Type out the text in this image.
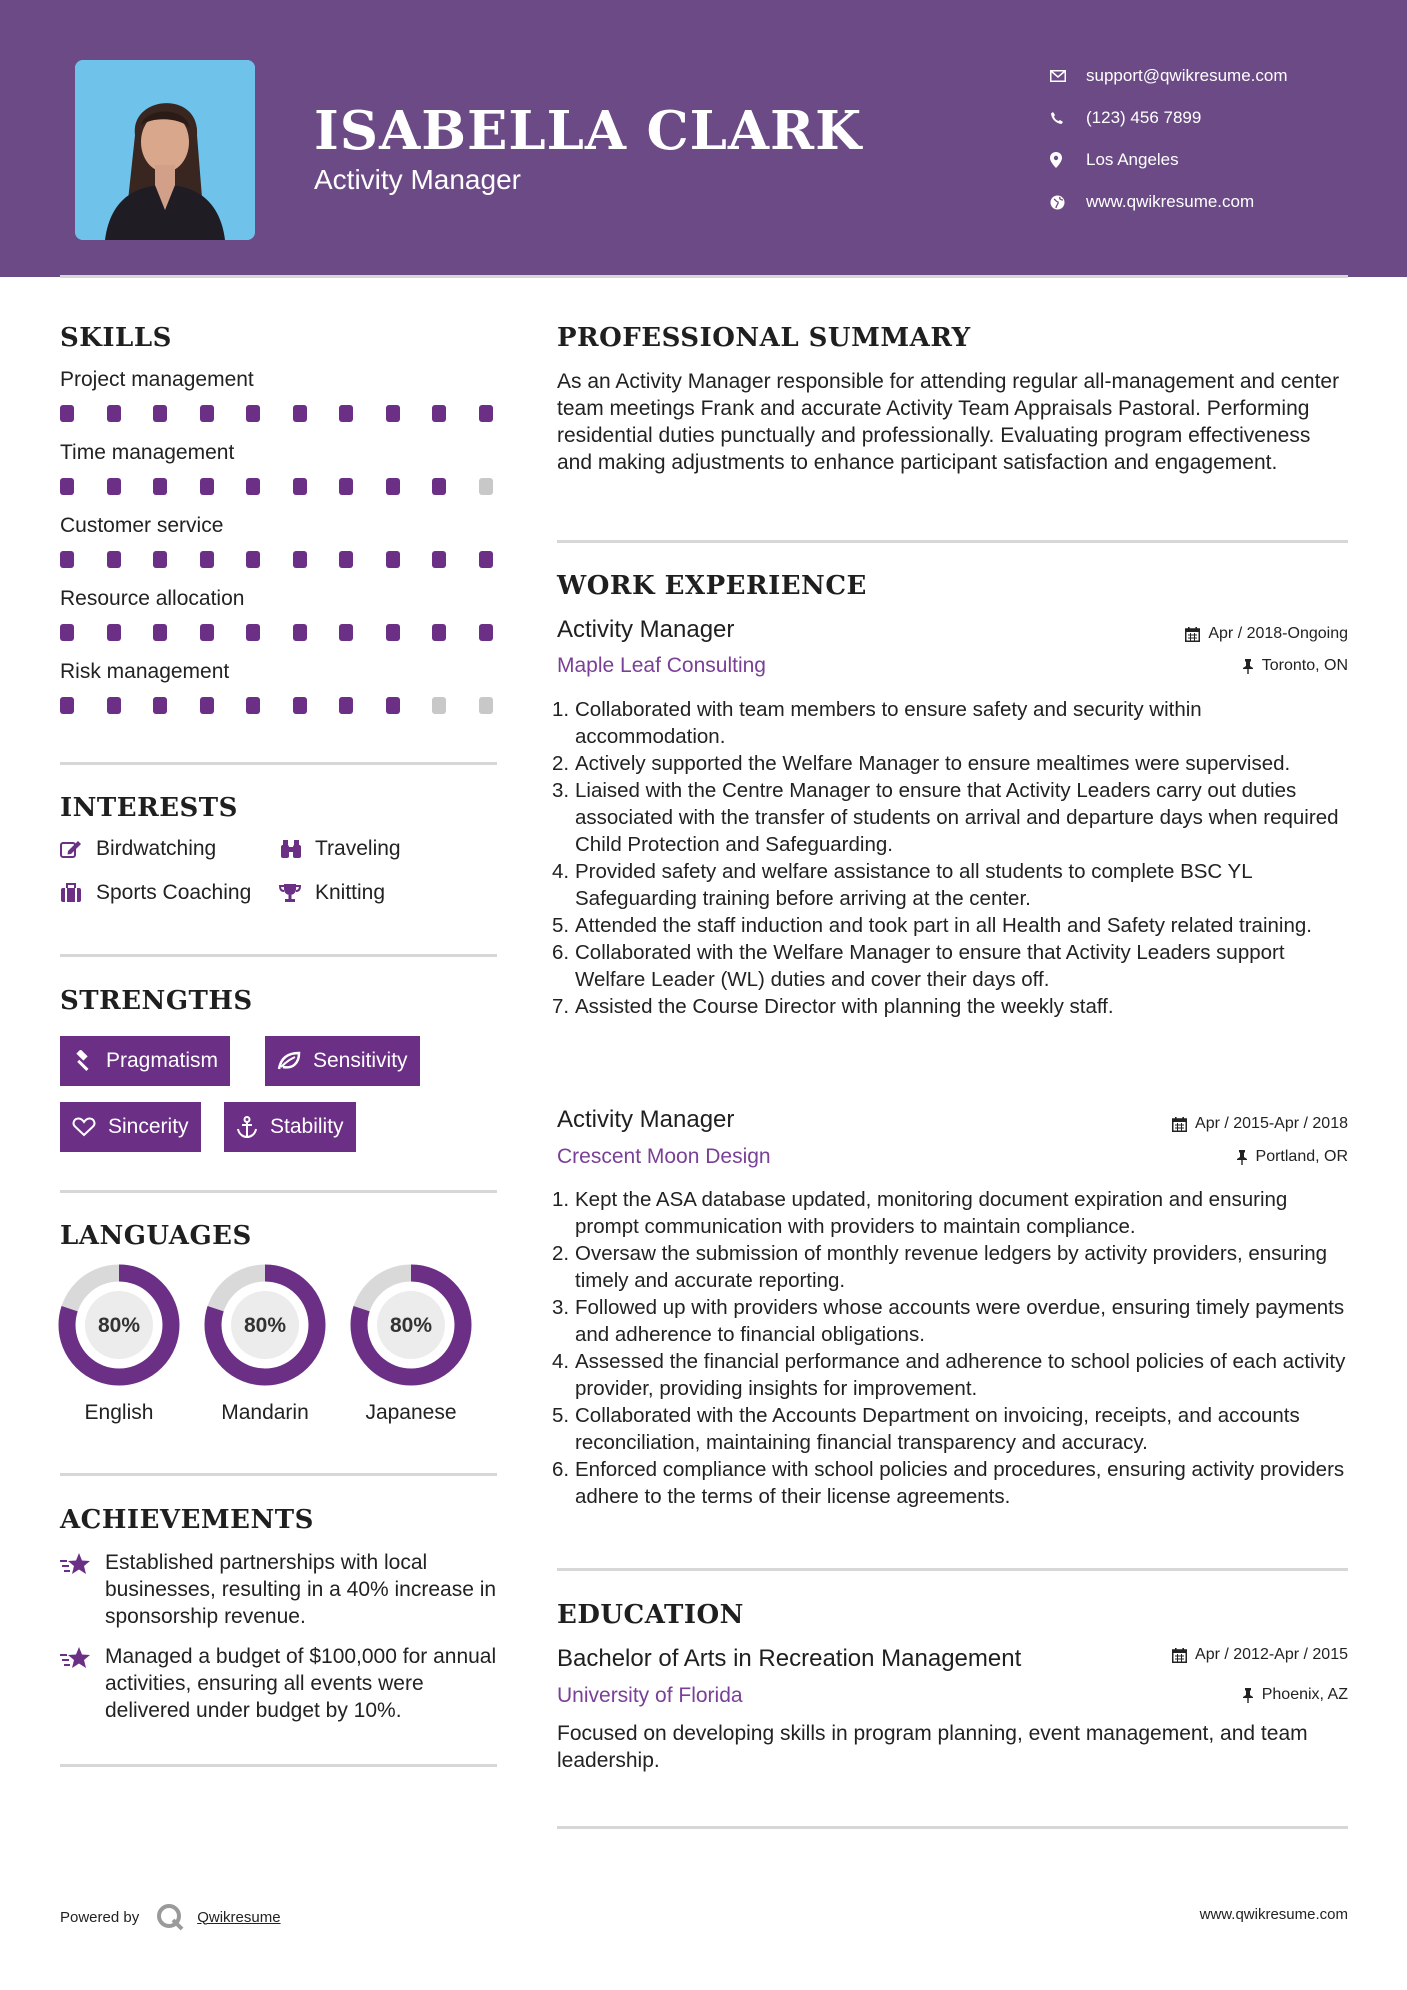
ISABELLA CLARK
Activity Manager
support@qwikresume.com
(123) 456 7899
Los Angeles
www.qwikresume.com
SKILLS
Project management
Time management
Customer service
Resource allocation
Risk management
INTERESTS
Birdwatching	Traveling
Sports Coaching	Knitting
STRENGTHS
Pragmatism	Sensitivity
Sincerity	Stability
LANGUAGES
80%
English
80%
Mandarin
80%
Japanese
ACHIEVEMENTS
Established partnerships with local businesses, resulting in a 40% increase in sponsorship revenue.
Managed a budget of $100,000 for annual activities, ensuring all events were delivered under budget by 10%.
PROFESSIONAL SUMMARY
As an Activity Manager responsible for attending regular all-management and center team meetings Frank and accurate Activity Team Appraisals Pastoral. Performing residential duties punctually and professionally. Evaluating program effectiveness and making adjustments to enhance participant satisfaction and engagement.
WORK EXPERIENCE
Activity Manager	Apr / 2018-Ongoing
Maple Leaf Consulting	Toronto, ON
Collaborated with team members to ensure safety and security within accommodation.
Actively supported the Welfare Manager to ensure mealtimes were supervised.
Liaised with the Centre Manager to ensure that Activity Leaders carry out duties associated with the transfer of students on arrival and departure days when required Child Protection and Safeguarding.
Provided safety and welfare assistance to all students to complete BSC YL Safeguarding training before arriving at the center.
Attended the staff induction and took part in all Health and Safety related training.
Collaborated with the Welfare Manager to ensure that Activity Leaders support Welfare Leader (WL) duties and cover their days off.
Assisted the Course Director with planning the weekly staff.
Activity Manager	Apr / 2015-Apr / 2018
Crescent Moon Design	Portland, OR
Kept the ASA database updated, monitoring document expiration and ensuring prompt communication with providers to maintain compliance.
Oversaw the submission of monthly revenue ledgers by activity providers, ensuring timely and accurate reporting.
Followed up with providers whose accounts were overdue, ensuring timely payments and adherence to financial obligations.
Assessed the financial performance and adherence to school policies of each activity provider, providing insights for improvement.
Collaborated with the Accounts Department on invoicing, receipts, and accounts reconciliation, maintaining financial transparency and accuracy.
Enforced compliance with school policies and procedures, ensuring activity providers adhere to the terms of their license agreements.
EDUCATION
Bachelor of Arts in Recreation Management	Apr / 2012-Apr / 2015
University of Florida	Phoenix, AZ
Focused on developing skills in program planning, event management, and team leadership.
Powered by	Qwikresume	www.qwikresume.com
